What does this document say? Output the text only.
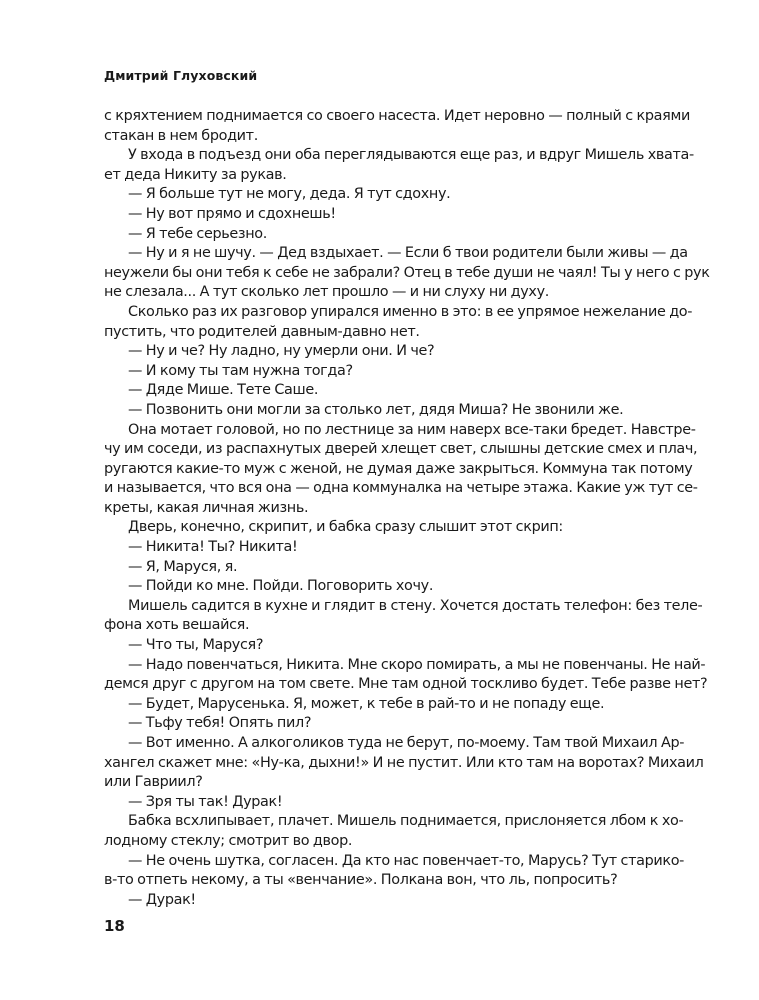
Дмитрий Глуховский
с кряхтением поднимается со своего насеста. Идет неровно — полный с краями
стакан в нем бродит.
У входа в подъезд они оба переглядываются еще раз, и вдруг Мишель хвата-
ет деда Никиту за рукав.
— Я больше тут не могу, деда. Я тут сдохну.
— Ну вот прямо и сдохнешь!
— Я тебе серьезно.
— Ну и я не шучу. — Дед вздыхает. — Если б твои родители были живы — да
неужели бы они тебя к себе не забрали? Отец в тебе души не чаял! Ты у него с рук
не слезала... А тут сколько лет прошло — и ни слуху ни духу.
Сколько раз их разговор упирался именно в это: в ее упрямое нежелание до-
пустить, что родителей давным-давно нет.
— Ну и че? Ну ладно, ну умерли они. И че?
— И кому ты там нужна тогда?
— Дяде Мише. Тете Саше.
— Позвонить они могли за столько лет, дядя Миша? Не звонили же.
Она мотает головой, но по лестнице за ним наверх все-таки бредет. Навстре-
чу им соседи, из распахнутых дверей хлещет свет, слышны детские смех и плач,
ругаются какие-то муж с женой, не думая даже закрыться. Коммуна так потому
и называется, что вся она — одна коммуналка на четыре этажа. Какие уж тут се-
креты, какая личная жизнь.
Дверь, конечно, скрипит, и бабка сразу слышит этот скрип:
— Никита! Ты? Никита!
— Я, Маруся, я.
— Пойди ко мне. Пойди. Поговорить хочу.
Мишель садится в кухне и глядит в стену. Хочется достать телефон: без теле-
фона хоть вешайся.
— Что ты, Маруся?
— Надо повенчаться, Никита. Мне скоро помирать, а мы не повенчаны. Не най-
демся друг с другом на том свете. Мне там одной тоскливо будет. Тебе разве нет?
— Будет, Марусенька. Я, может, к тебе в рай-то и не попаду еще.
— Тьфу тебя! Опять пил?
— Вот именно. А алкоголиков туда не берут, по-моему. Там твой Михаил Ар-
хангел скажет мне: «Ну-ка, дыхни!» И не пустит. Или кто там на воротах? Михаил
или Гавриил?
— Зря ты так! Дурак!
Бабка всхлипывает, плачет. Мишель поднимается, прислоняется лбом к хо-
лодному стеклу; смотрит во двор.
— Не очень шутка, согласен. Да кто нас повенчает-то, Марусь? Тут старико-
в-то отпеть некому, а ты «венчание». Полкана вон, что ль, попросить?
— Дурак!
18
